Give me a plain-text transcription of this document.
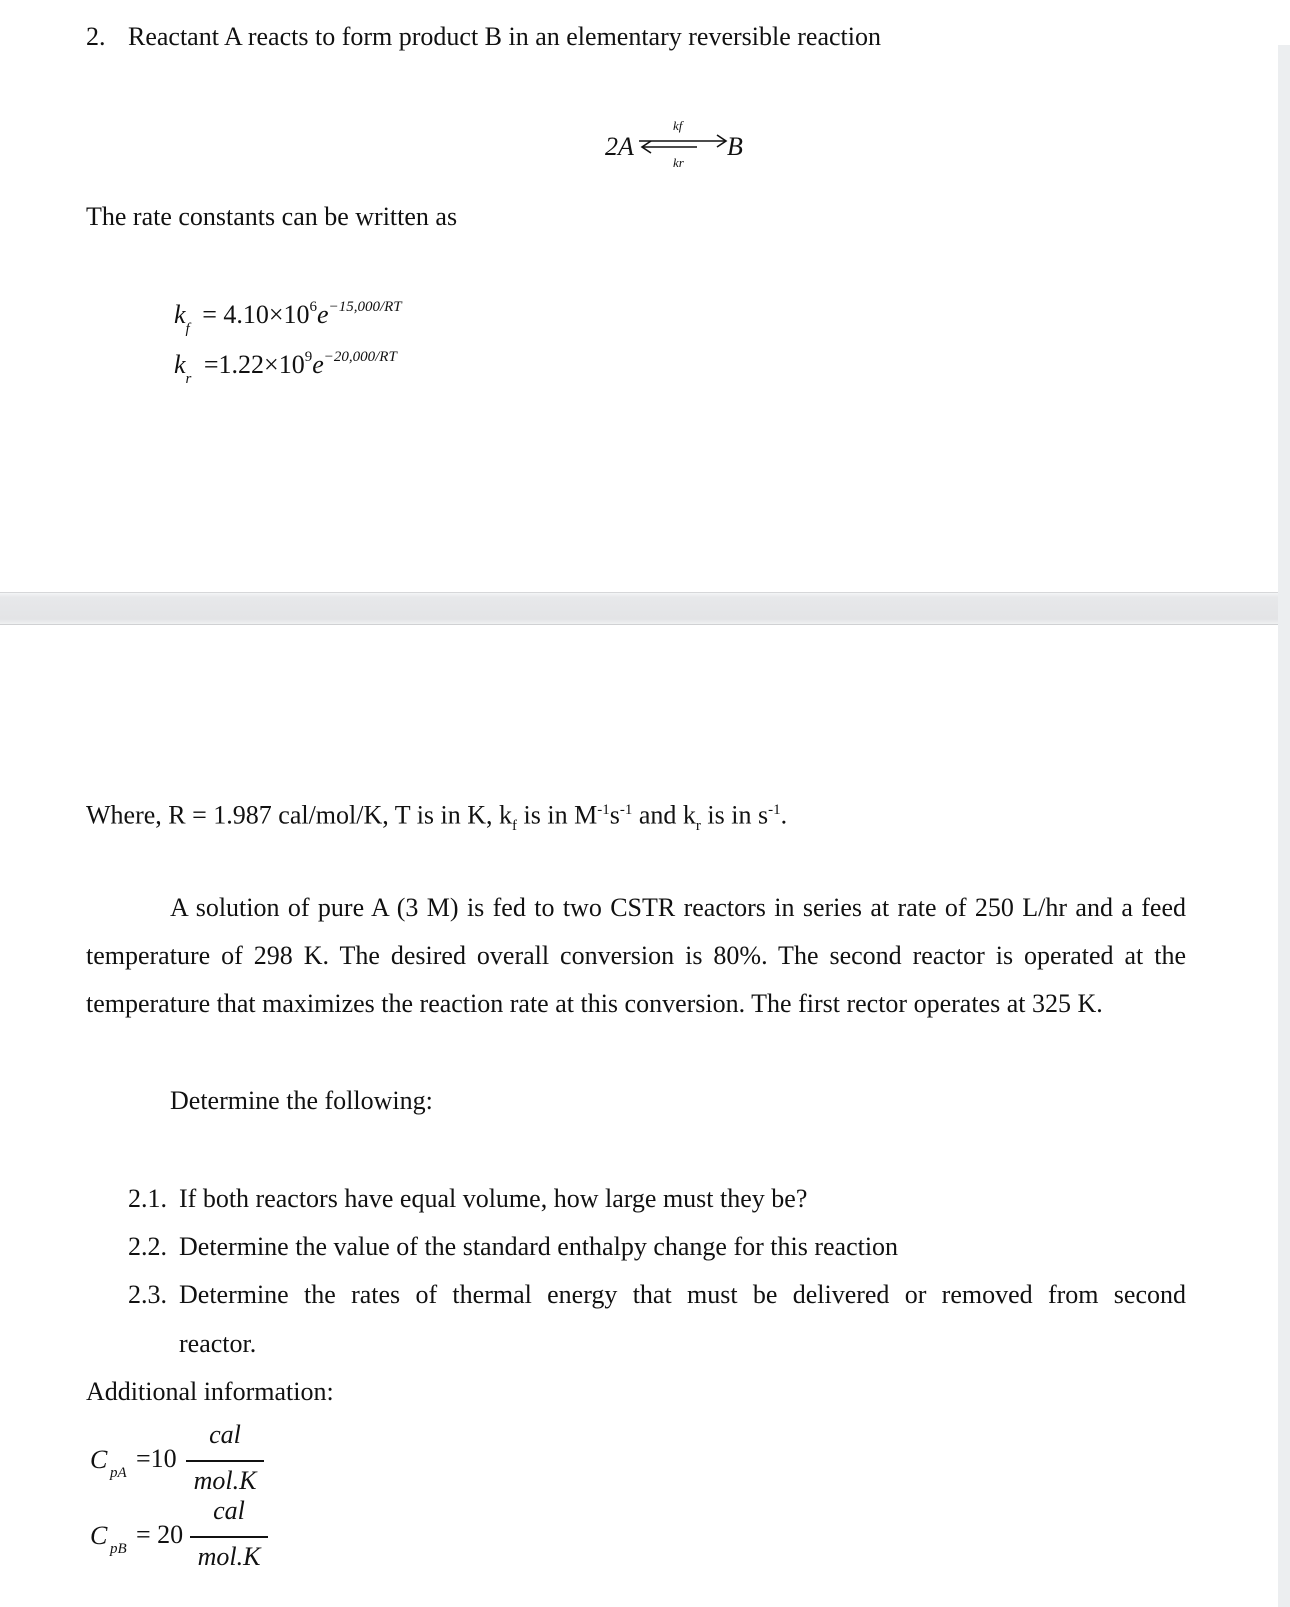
2. Reactant A reacts to form product B in an elementary reversible reaction
2A
kf
B
kr
The rate constants can be written as
$k_f = 4.10\times 10^6e^{-15,000/RT}$
$k_r =1.22\times 10^9e^{-20,000/RT}$
Where, R = 1.987 cal/mol/K, T is in K, $k_f$ is in $M^{-1}s^{-1}$ and $k_r$ is in $s^{-1}$.
A solution of pure A (3 M) is fed to two CSTR reactors in series at rate of 250 L/hr and a feed temperature of 298 K. The desired overall conversion is 80%. The second reactor is operated at the temperature that maximizes the reaction rate at this conversion. The first rector operates at 325 K.
Determine the following:
2.1. If both reactors have equal volume, how large must they be?
2.2. Determine the value of the standard enthalpy change for this reaction
2.3. Determine the rates of thermal energy that must be delivered or removed from second
reactor.
Additional information:
C pA =10
cal
mol.K
C pB = 20
cal
mol.K
